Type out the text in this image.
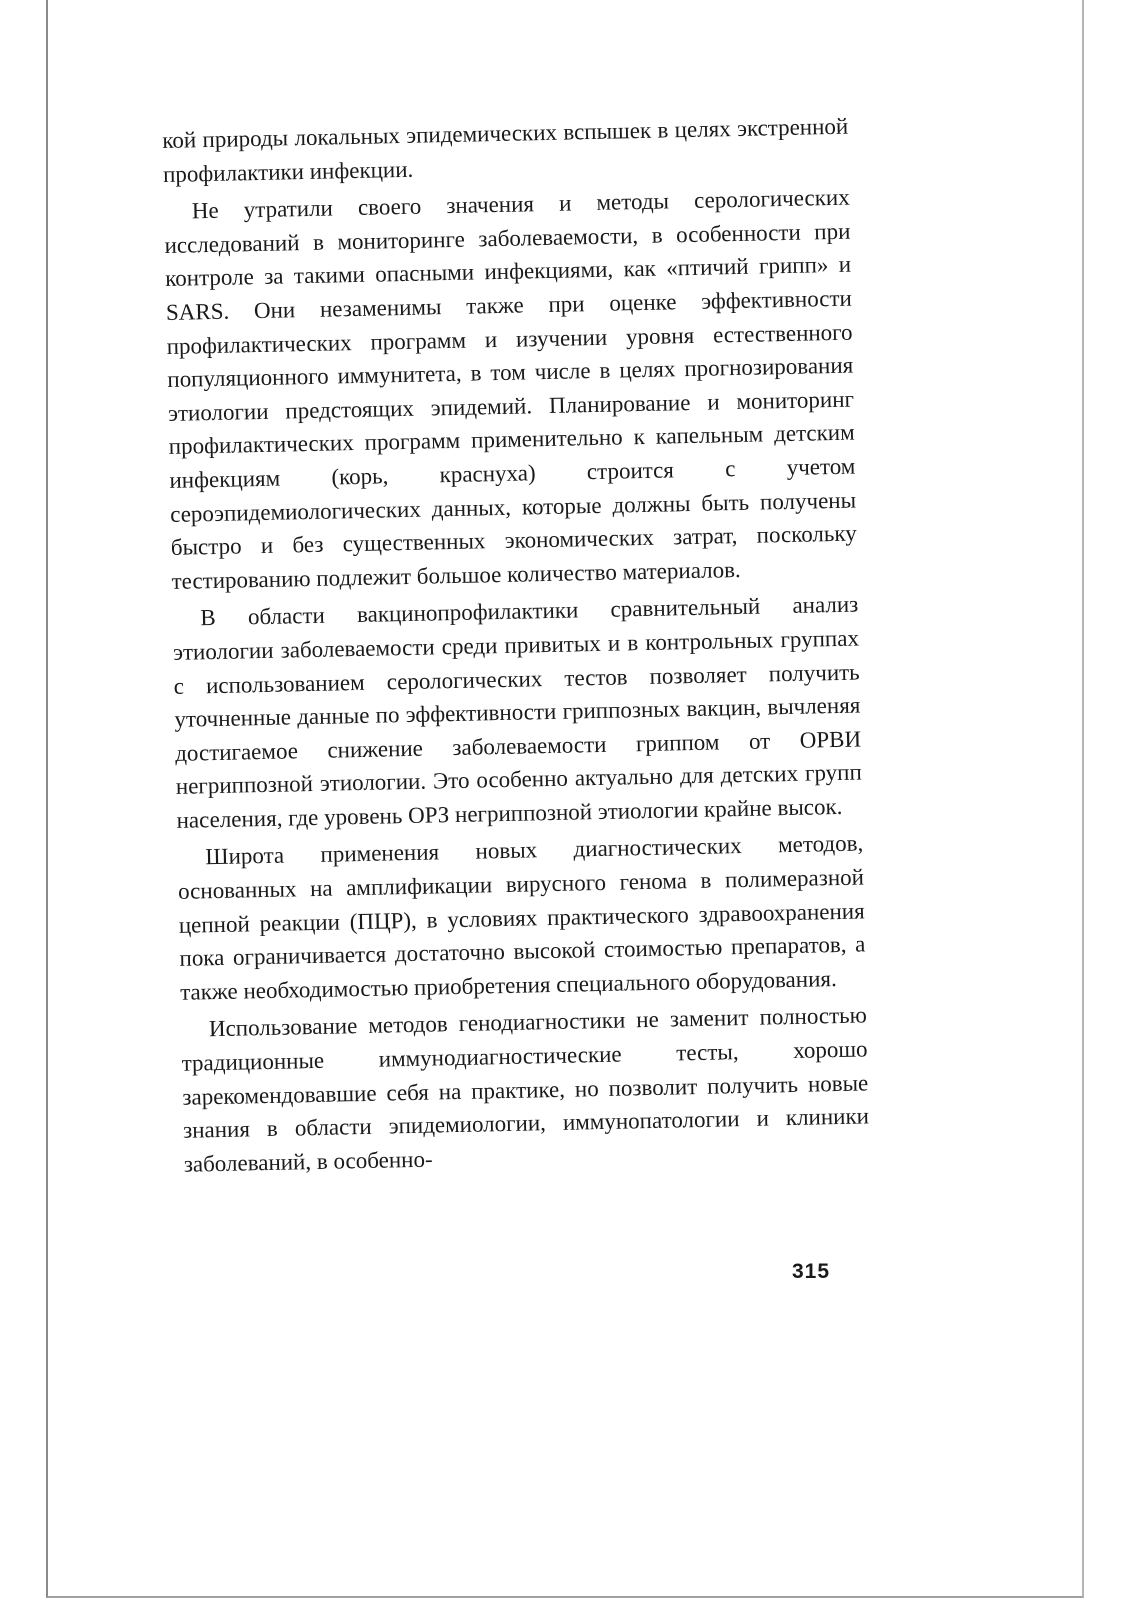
кой природы локальных эпидемических вспышек в целях экстренной профилактики инфекции.

Не утратили своего значения и методы серологических исследований в мониторинге заболеваемости, в особенности при контроле за такими опасными инфекциями, как «птичий грипп» и SARS. Они незаменимы также при оценке эффективности профилактических программ и изучении уровня естественного популяционного иммунитета, в том числе в целях прогнозирования этиологии предстоящих эпидемий. Планирование и мониторинг профилактических программ применительно к капельным детским инфекциям (корь, краснуха) строится с учетом сероэпидемиологических данных, которые должны быть получены быстро и без существенных экономических затрат, поскольку тестированию подлежит большое количество материалов.

В области вакцинопрофилактики сравнительный анализ этиологии заболеваемости среди привитых и в контрольных группах с использованием серологических тестов позволяет получить уточненные данные по эффективности гриппозных вакцин, вычленяя достигаемое снижение заболеваемости гриппом от ОРВИ негриппозной этиологии. Это особенно актуально для детских групп населения, где уровень ОРЗ негриппозной этиологии крайне высок.

Широта применения новых диагностических методов, основанных на амплификации вирусного генома в полимеразной цепной реакции (ПЦР), в условиях практического здравоохранения пока ограничивается достаточно высокой стоимостью препаратов, а также необходимостью приобретения специального оборудования.

Использование методов генодиагностики не заменит полностью традиционные иммунодиагностические тесты, хорошо зарекомендовавшие себя на практике, но позволит получить новые знания в области эпидемиологии, иммунопатологии и клиники заболеваний, в особенно-

315
